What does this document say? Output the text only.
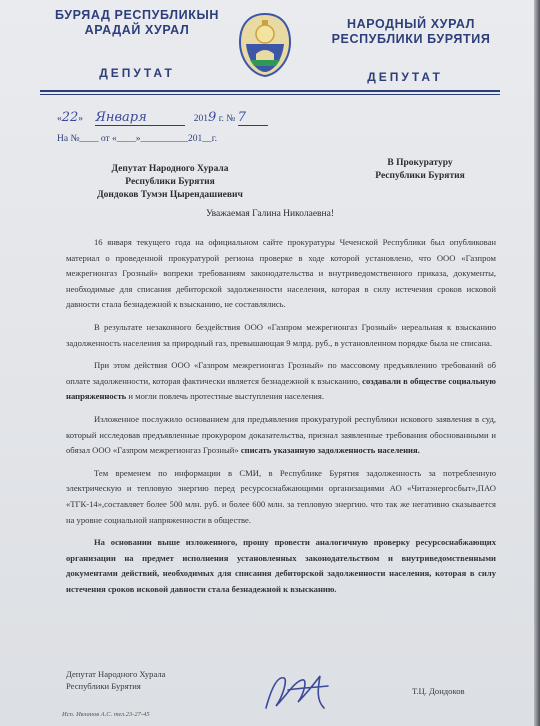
БУРЯАД РЕСПУБЛИКЫН
АРАДАЙ ХУРАЛ
ДЕПУТАТ
НАРОДНЫЙ ХУРАЛ
РЕСПУБЛИКИ БУРЯТИЯ
ДЕПУТАТ
«22» Января	2019 г. № 7
На №____ от «____»__________201__г.
Депутат Народного Хурала
Республики Бурятия
Дондоков Тумэн Цырендашиевич
В Прокуратуру
Республики Бурятия
Уважаемая Галина Николаевна!

16 января текущего года на официальном сайте прокуратуры Чеченской Республики был опубликован материал о проведенной прокуратурой региона проверке в ходе которой установлено, что ООО «Газпром межрегионгаз Грозный» вопреки требованиям законодательства и внутриведомственного приказа, документы, необходимые для списания дебиторской задолженности населения, которая в силу истечения сроков исковой давности стала безнадежной к взысканию, не составлялись.

В результате незаконного бездействия ООО «Газпром межрегионгаз Грозный» нереальная к взысканию задолженность населения за природный газ, превышающая 9 млрд. руб., в установленном порядке была не списана.

При этом действия ООО «Газпром межрегионгаз Грозный» по массовому предъявлению требований об оплате задолженности, которая фактически является безнадежной к взысканию, создавали в обществе социальную напряженность и могли повлечь протестные выступления населения.

Изложенное послужило основанием для предъявления прокуратурой республики искового заявления в суд, который исследовав предъявленные прокурором доказательства, признал заявленные требования обоснованными и обязал ООО «Газпром межрегионгаз Грозный» списать указанную задолженность населения.

Тем временем по информации в СМИ, в Республике Бурятия задолженность за потребленную электрическую и тепловую энергию перед ресурсоснабжающими организациями АО «Читаэнергосбыт»,ПАО «ТГК-14»,составляет более 500 млн. руб. и более 600 млн. за тепловую энергию. что так же негативно сказывается на уровне социальной напряженности в обществе.

На основании выше изложенного, прошу провести аналогичную проверку ресурсоснабжающих организации на предмет исполнения установленных законодательством и внутриведомственными документами действий, необходимых для списания дебиторской задолженности населения, которая в силу истечения сроков исковой давности стала безнадежной к взысканию.

Депутат Народного Хурала
Республики Бурятия	Т.Ц. Дондоков
Исп. Ивланов А.С. тел.23-27-45
